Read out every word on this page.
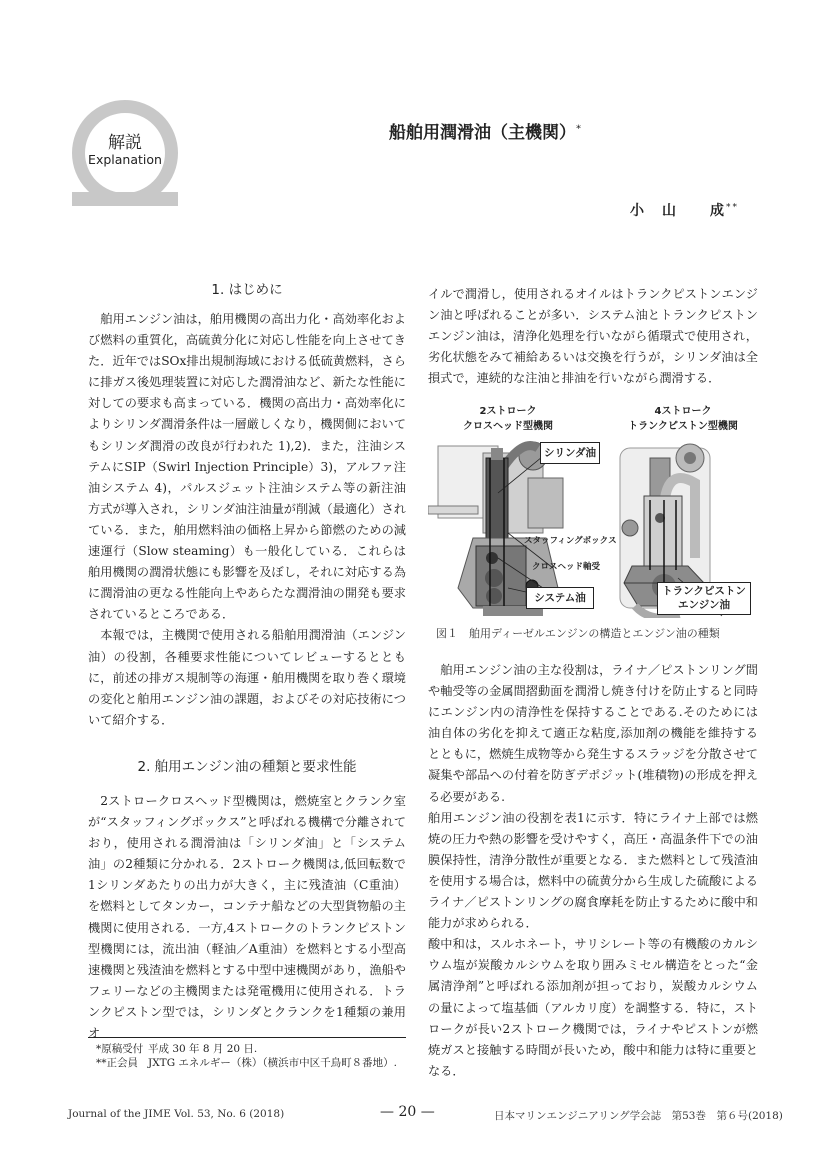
解説
Explanation
船舶用潤滑油（主機関）*
小　山　　成**
1. はじめに

舶用エンジン油は，舶用機関の高出力化・高効率化および燃料の重質化，高硫黄分化に対応し性能を向上させてきた．近年ではSOx排出規制海域における低硫黄燃料，さらに排ガス後処理装置に対応した潤滑油など、新たな性能に対しての要求も高まっている．機関の高出力・高効率化によりシリンダ潤滑条件は一層厳しくなり，機関側においてもシリンダ潤滑の改良が行われた 1),2)．また，注油システムにSIP（Swirl Injection Principle）3)，アルファ注油システム 4)，パルスジェット注油システム等の新注油方式が導入され，シリンダ油注油量が削減（最適化）されている．また，舶用燃料油の価格上昇から節燃のための減速運行（Slow steaming）も一般化している．これらは舶用機関の潤滑状態にも影響を及ぼし，それに対応する為に潤滑油の更なる性能向上やあらたな潤滑油の開発も要求されているところである．

本報では，主機関で使用される船舶用潤滑油（エンジン油）の役割，各種要求性能についてレビューするとともに，前述の排ガス規制等の海運・舶用機関を取り巻く環境の変化と舶用エンジン油の課題，およびその対応技術について紹介する．

2. 舶用エンジン油の種類と要求性能

2ストロークロスヘッド型機関は，燃焼室とクランク室が“スタッフィングボックス”と呼ばれる機構で分離されており，使用される潤滑油は「シリンダ油」と「システム油」の2種類に分かれる．2ストローク機関は,低回転数で1シリンダあたりの出力が大きく，主に残渣油（C重油）を燃料としてタンカー，コンテナ船などの大型貨物船の主機関に使用される．一方,4ストロークのトランクピストン型機関には，流出油（軽油／A重油）を燃料とする小型高速機関と残渣油を燃料とする中型中速機関があり，漁船やフェリーなどの主機関または発電機用に使用される．トランクピストン型では，シリンダとクランクを1種類の兼用オ

*原稿受付 平成 30 年 8 月 20 日.
**正会員 JXTG エネルギー（株）（横浜市中区千鳥町８番地）.

イルで潤滑し，使用されるオイルはトランクピストンエンジン油と呼ばれることが多い．システム油とトランクピストンエンジン油は，清浄化処理を行いながら循環式で使用され，劣化状態をみて補給あるいは交換を行うが，シリンダ油は全損式で，連続的な注油と排油を行いながら潤滑する．

2ストローク
クロスヘッド型機関
4ストローク
トランクピストン型機関
シリンダ油
スタッフィングボックス
クロスヘッド軸受
システム油
トランクピストン
エンジン油
図１　舶用ディーゼルエンジンの構造とエンジン油の種類

舶用エンジン油の主な役割は，ライナ／ピストンリング間や軸受等の金属間摺動面を潤滑し焼き付けを防止すると同時にエンジン内の清浄性を保持することである.そのためには油自体の劣化を抑えて適正な粘度,添加剤の機能を維持するとともに，燃焼生成物等から発生するスラッジを分散させて凝集や部品への付着を防ぎデポジット(堆積物)の形成を押える必要がある.

舶用エンジン油の役割を表1に示す．特にライナ上部では燃焼の圧力や熱の影響を受けやすく，高圧・高温条件下での油膜保持性，清浄分散性が重要となる．また燃料として残渣油を使用する場合は，燃料中の硫黄分から生成した硫酸によるライナ／ピストンリングの腐食摩耗を防止するために酸中和能力が求められる．

酸中和は，スルホネート，サリシレート等の有機酸のカルシウム塩が炭酸カルシウムを取り囲みミセル構造をとった“金属清浄剤”と呼ばれる添加剤が担っており，炭酸カルシウムの量によって塩基価（アルカリ度）を調整する．特に，ストロークが長い2ストローク機関では，ライナやピストンが燃焼ガスと接触する時間が長いため，酸中和能力は特に重要となる．

Journal of the JIME Vol. 53, No. 6 (2018)	— 20 —	日本マリンエンジニアリング学会誌　第53巻　第６号(2018)
